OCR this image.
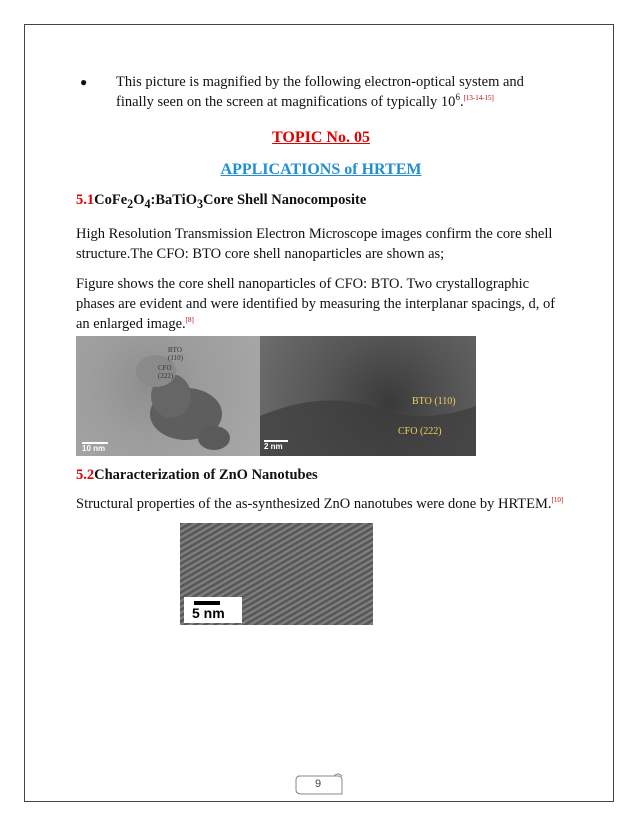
●	This picture is magnified by the following electron-optical system and
finally seen on the screen at magnifications of typically $10^6.[13-14-15]$
TOPIC No. 05
APPLICATIONS of HRTEM
$5.1CoFe_2O_4:BaTiO_3Core$ Shell Nanocomposite

High Resolution Transmission Electron Microscope images confirm the core shell structure.The CFO: BTO core shell nanoparticles are shown as;

Figure shows the core shell nanoparticles of CFO: BTO. Two crystallographic phases are evident and were identified by measuring the interplanar spacings, d, of an enlarged image.[8]

BTO
(110)
CFO
(222)
10 nm
BTO (110)
CFO (222)
2 nm
5.2Characterization of ZnO Nanotubes
Structural properties of the as-synthesized ZnO nanotubes were done by HRTEM.[10]
5 nm
9
